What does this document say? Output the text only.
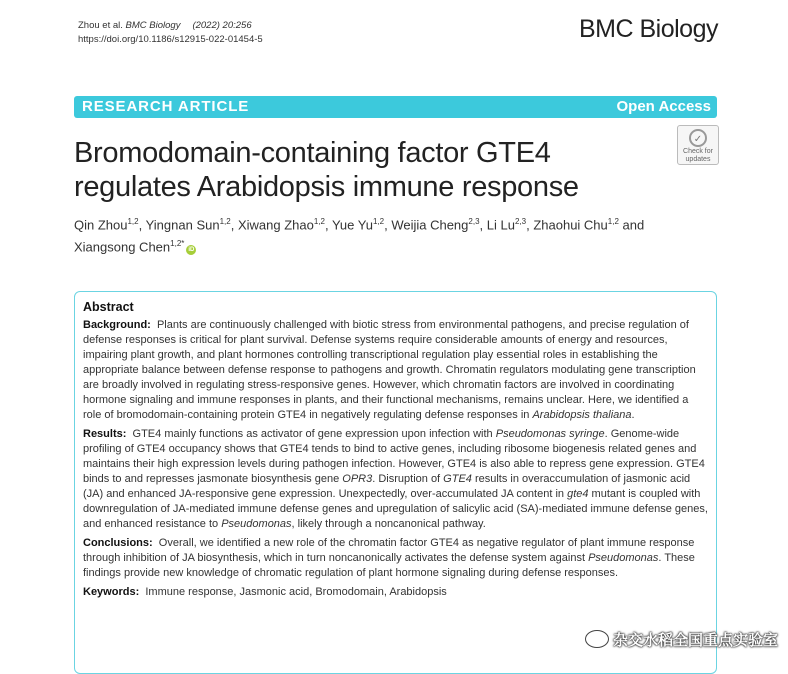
Zhou et al. BMC Biology (2022) 20:256
https://doi.org/10.1186/s12915-022-01454-5	BMC Biology
RESEARCH ARTICLE	Open Access
Bromodomain-containing factor GTE4 regulates Arabidopsis immune response
✓
Check for
updates
Qin Zhou$^{1,2}$, Yingnan Sun$^{1,2}$, Xiwang Zhao$^{1,2}$, Yue Yu$^{1,2}$, Weijia Cheng$^{2,3}$, Li Lu$^{2,3}$, Zhaohui Chu$^{1,2}$ and Xiangsong Chen$^{1,2*}$iD
Abstract

Background: Plants are continuously challenged with biotic stress from environmental pathogens, and precise regulation of defense responses is critical for plant survival. Defense systems require considerable amounts of energy and resources, impairing plant growth, and plant hormones controlling transcriptional regulation play essential roles in establishing the appropriate balance between defense response to pathogens and growth. Chromatin regulators modulating gene transcription are broadly involved in regulating stress-responsive genes. However, which chromatin factors are involved in coordinating hormone signaling and immune responses in plants, and their functional mechanisms, remains unclear. Here, we identified a role of bromodomain-containing protein GTE4 in negatively regulating defense responses in Arabidopsis thaliana.

Results: GTE4 mainly functions as activator of gene expression upon infection with Pseudomonas syringe. Genome-wide profiling of GTE4 occupancy shows that GTE4 tends to bind to active genes, including ribosome biogenesis related genes and maintains their high expression levels during pathogen infection. However, GTE4 is also able to repress gene expression. GTE4 binds to and represses jasmonate biosynthesis gene OPR3. Disruption of GTE4 results in overaccumulation of jasmonic acid (JA) and enhanced JA-responsive gene expression. Unexpectedly, over-accumulated JA content in gte4 mutant is coupled with downregulation of JA-mediated immune defense genes and upregulation of salicylic acid (SA)-mediated immune defense genes, and enhanced resistance to Pseudomonas, likely through a noncanonical pathway.

Conclusions: Overall, we identified a new role of the chromatin factor GTE4 as negative regulator of plant immune response through inhibition of JA biosynthesis, which in turn noncanonically activates the defense system against Pseudomonas. These findings provide new knowledge of chromatic regulation of plant hormone signaling during defense responses.

Keywords: Immune response, Jasmonic acid, Bromodomain, Arabidopsis

杂交水稻全国重点实验室
